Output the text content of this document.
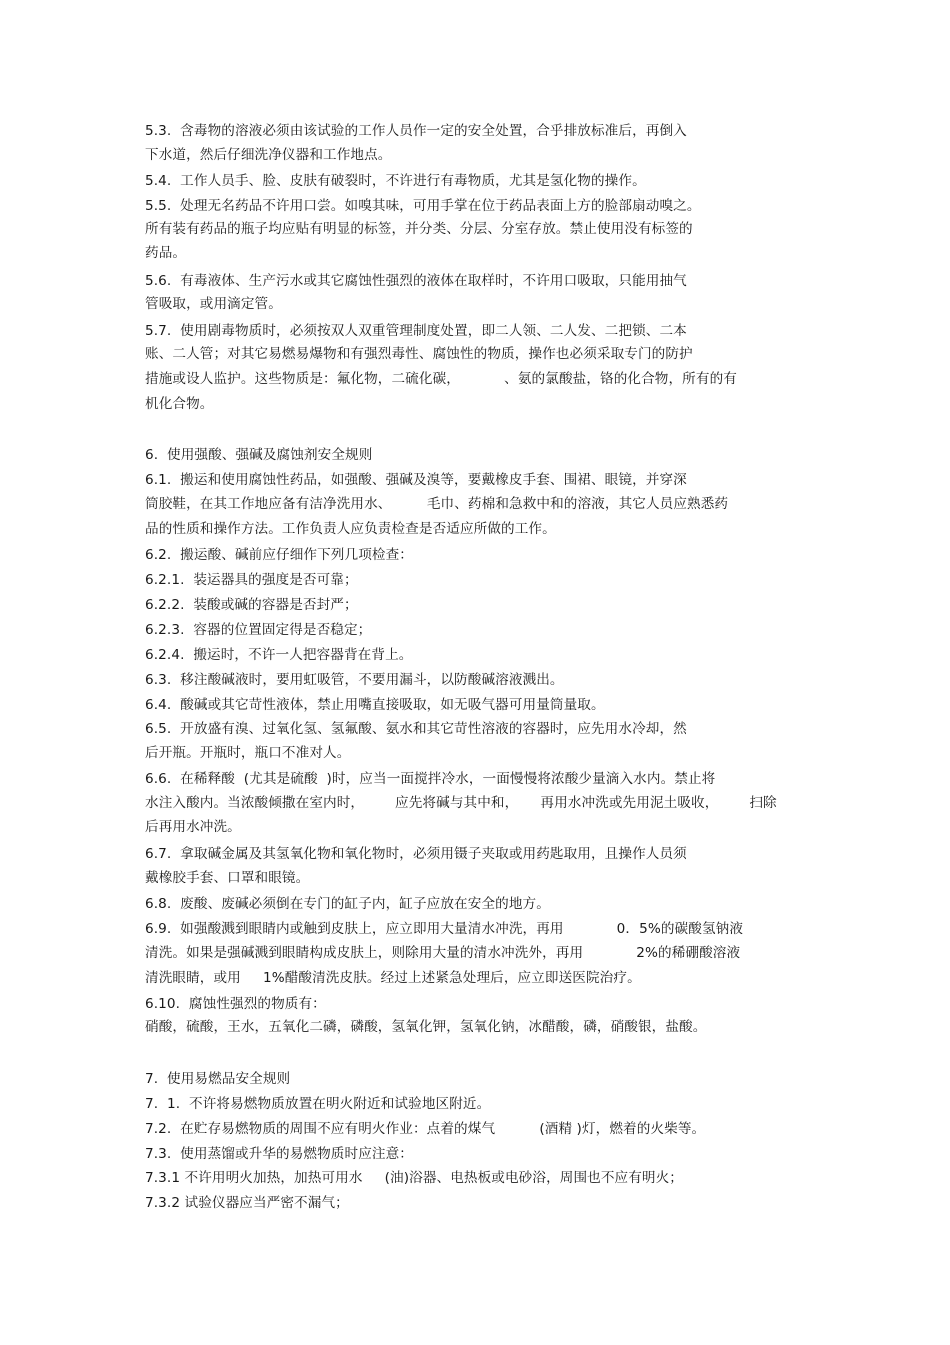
5.3.  含毒物的溶液必须由该试验的工作人员作一定的安全处置，合乎排放标准后，再倒入
下水道，然后仔细洗净仪器和工作地点。
5.4.  工作人员手、脸、皮肤有破裂时，不许进行有毒物质，尤其是氢化物的操作。
5.5.  处理无名药品不许用口尝。如嗅其味，可用手掌在位于药品表面上方的脸部扇动嗅之。
所有装有药品的瓶子均应贴有明显的标签，并分类、分层、分室存放。禁止使用没有标签的
药品。
5.6.  有毒液体、生产污水或其它腐蚀性强烈的液体在取样时，不许用口吸取，只能用抽气
管吸取，或用滴定管。
5.7.  使用剧毒物质时，必须按双人双重管理制度处置，即二人领、二人发、二把锁、二本
账、二人管；对其它易燃易爆物和有强烈毒性、腐蚀性的物质，操作也必须采取专门的防护
措施或设人监护。这些物质是：氟化物，二硫化碳，          、氨的氯酸盐，铬的化合物，所有的有
机化合物。
6.  使用强酸、强碱及腐蚀剂安全规则
6.1.  搬运和使用腐蚀性药品，如强酸、强碱及溴等，要戴橡皮手套、围裙、眼镜，并穿深
筒胶鞋，在其工作地应备有洁净洗用水、        毛巾、药棉和急救中和的溶液，其它人员应熟悉药
品的性质和操作方法。工作负责人应负责检查是否适应所做的工作。
6.2.  搬运酸、碱前应仔细作下列几项检查：
6.2.1.  装运器具的强度是否可靠；
6.2.2.  装酸或碱的容器是否封严；
6.2.3.  容器的位置固定得是否稳定；
6.2.4.  搬运时，不许一人把容器背在背上。
6.3.  移注酸碱液时，要用虹吸管，不要用漏斗，以防酸碱溶液溅出。
6.4.  酸碱或其它苛性液体，禁止用嘴直接吸取，如无吸气器可用量筒量取。
6.5.  开放盛有溴、过氧化氢、氢氟酸、氨水和其它苛性溶液的容器时，应先用水冷却，然
后开瓶。开瓶时，瓶口不准对人。
6.6.  在稀释酸  (尤其是硫酸  )时，应当一面搅拌冷水，一面慢慢将浓酸少量滴入水内。禁止将
水注入酸内。当浓酸倾撒在室内时，       应先将碱与其中和，     再用水冲洗或先用泥土吸收，       扫除
后再用水冲洗。
6.7.  拿取碱金属及其氢氧化物和氧化物时，必须用镊子夹取或用药匙取用，且操作人员须
戴橡胶手套、口罩和眼镜。
6.8.  废酸、废碱必须倒在专门的缸子内，缸子应放在安全的地方。
6.9.  如强酸溅到眼睛内或触到皮肤上，应立即用大量清水冲洗，再用            0．5%的碳酸氢钠液
清洗。如果是强碱溅到眼睛构成皮肤上，则除用大量的清水冲洗外，再用            2%的稀硼酸溶液
清洗眼睛，或用     1%醋酸清洗皮肤。经过上述紧急处理后，应立即送医院治疗。
6.10.  腐蚀性强烈的物质有：
硝酸，硫酸，王水，五氧化二磷，磷酸，氢氧化钾，氢氧化钠，冰醋酸，磷，硝酸银，盐酸。
7.  使用易燃品安全规则
7.  1.  不许将易燃物质放置在明火附近和试验地区附近。
7.2.  在贮存易燃物质的周围不应有明火作业：点着的煤气          (酒精 )灯，燃着的火柴等。
7.3.  使用蒸馏或升华的易燃物质时应注意：
7.3.1 不许用明火加热，加热可用水     (油)浴器、电热板或电砂浴，周围也不应有明火；
7.3.2 试验仪器应当严密不漏气；
